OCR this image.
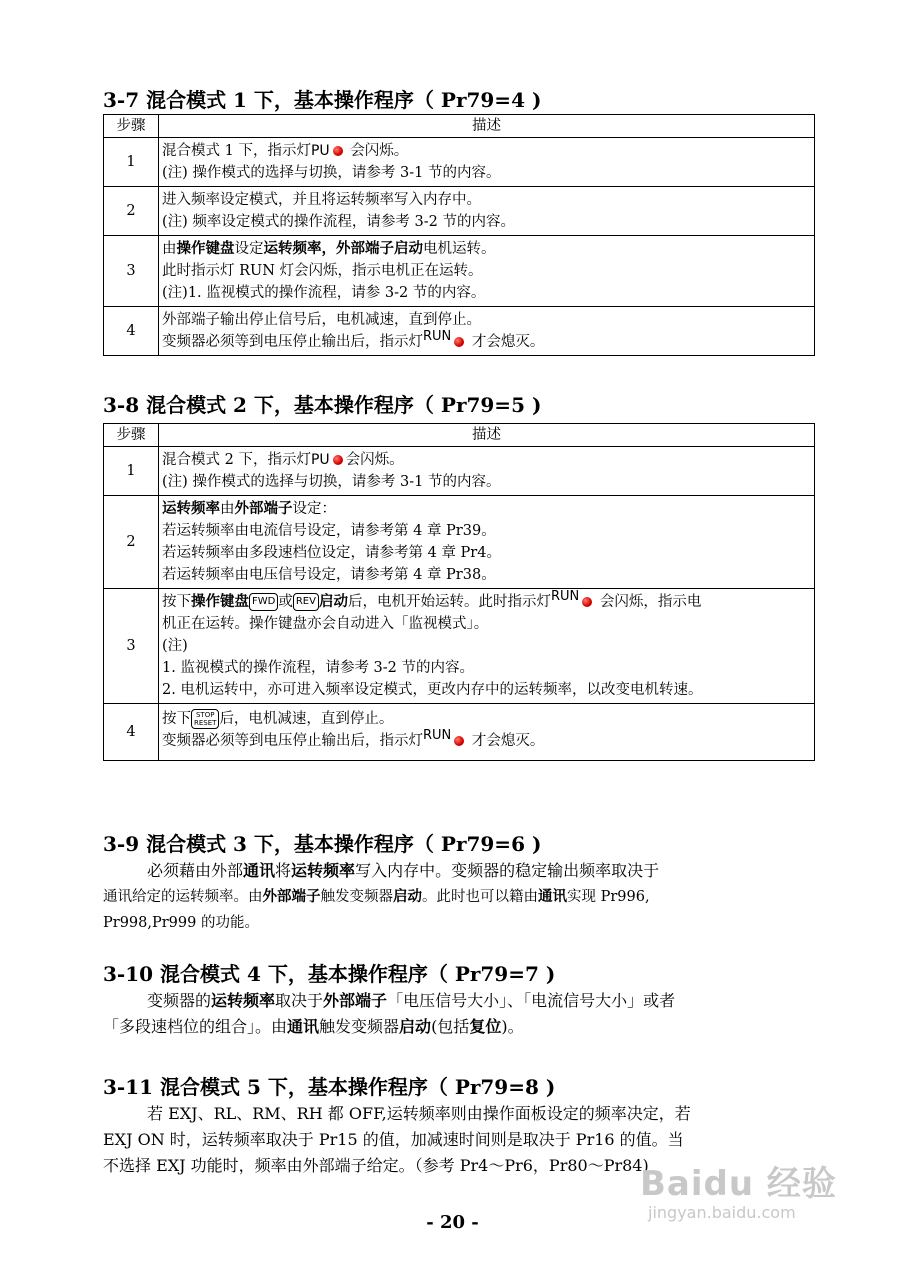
3-7 混合模式 1 下，基本操作程序（ Pr79=4 )
步骤	描述
1	混合模式 1 下，指示灯PU 会闪烁。
(注) 操作模式的选择与切换，请参考 3-1 节的内容。

2	进入频率设定模式，并且将运转频率写入内存中。
(注) 频率设定模式的操作流程，请参考 3-2 节的内容。

3	由操作键盘设定运转频率，外部端子启动电机运转。
此时指示灯 RUN 灯会闪烁，指示电机正在运转。
(注)1. 监视模式的操作流程，请参 3-2 节的内容。

4	外部端子输出停止信号后，电机减速，直到停止。
变频器必须等到电压停止输出后，指示灯RUN 才会熄灭。
3-8 混合模式 2 下，基本操作程序（ Pr79=5 )
步骤	描述
1	混合模式 2 下，指示灯PU 会闪烁。
(注) 操作模式的选择与切换，请参考 3-1 节的内容。

2	运转频率由外部端子设定：
若运转频率由电流信号设定，请参考第 4 章 Pr39。
若运转频率由多段速档位设定，请参考第 4 章 Pr4。
若运转频率由电压信号设定，请参考第 4 章 Pr38。

3	按下操作键盘 FWD 或 REV 启动后，电机开始运转。此时指示灯RUN 会闪烁，指示电
机正在运转。操作键盘亦会自动进入「监视模式」。
(注)
1. 监视模式的操作流程，请参考 3-2 节的内容。
2. 电机运转中，亦可进入频率设定模式，更改内存中的运转频率，以改变电机转速。

4	按下 STOP
RESET 后，电机减速，直到停止。
变频器必须等到电压停止输出后，指示灯RUN 才会熄灭。
3-9 混合模式 3 下，基本操作程序（ Pr79=6 )
必须藉由外部通讯将运转频率写入内存中。变频器的稳定输出频率取决于
通讯给定的运转频率。由外部端子触发变频器启动。此时也可以籍由通讯实现 Pr996,
Pr998,Pr999 的功能。
3-10 混合模式 4 下，基本操作程序（ Pr79=7 )
变频器的运转频率取决于外部端子「电压信号大小」、「电流信号大小」或者
「多段速档位的组合」。由通讯触发变频器启动(包括复位)。
3-11 混合模式 5 下，基本操作程序（ Pr79=8 )
若 EXJ、RL、RM、RH 都 OFF,运转频率则由操作面板设定的频率决定，若
EXJ ON 时，运转频率取决于 Pr15 的值，加减速时间则是取决于 Pr16 的值。当
不选择 EXJ 功能时，频率由外部端子给定。（参考 Pr4～Pr6，Pr80～Pr84)
- 20 -
Baidu 经验
jingyan.baidu.com
